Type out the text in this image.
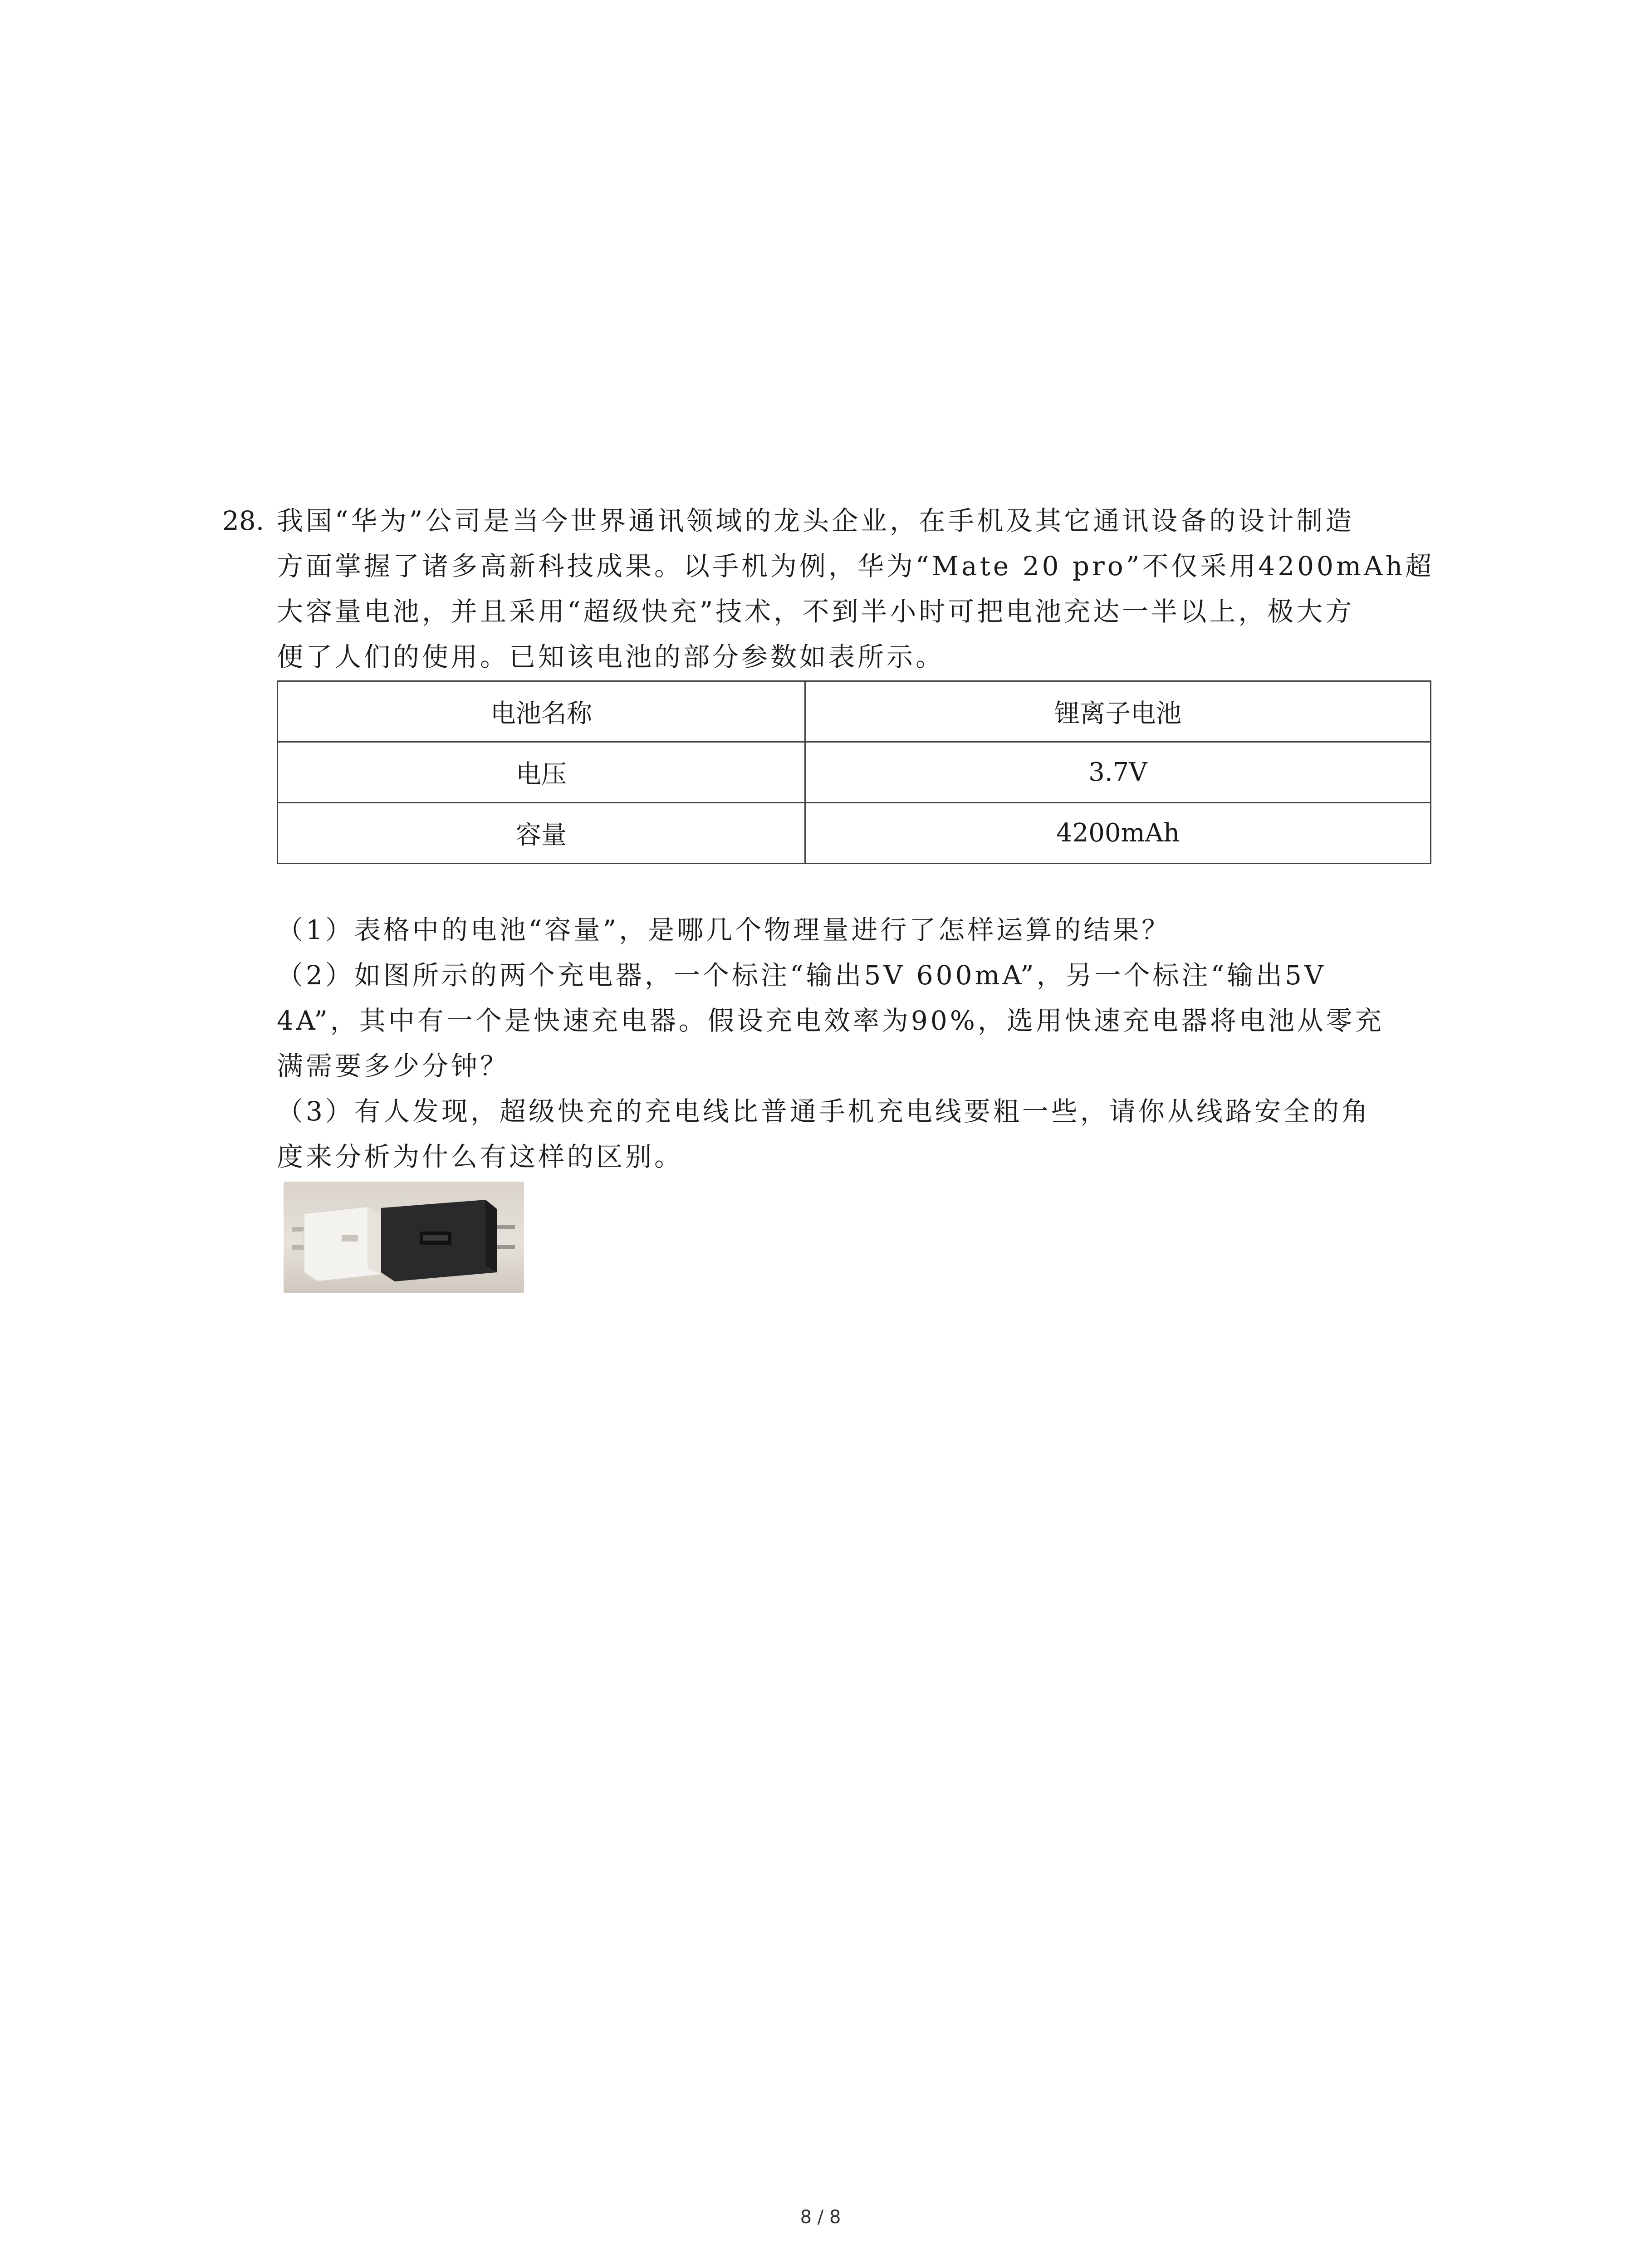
28. 我国“华为”公司是当今世界通讯领域的龙头企业，在手机及其它通讯设备的设计制造
方面掌握了诸多高新科技成果。以手机为例，华为“Mate 20 pro”不仅采用4200mAh超
大容量电池，并且采用“超级快充”技术，不到半小时可把电池充达一半以上，极大方
便了人们的使用。已知该电池的部分参数如表所示。
电池名称	锂离子电池
电压	3.7V
容量	4200mAh
（1）表格中的电池“容量”，是哪几个物理量进行了怎样运算的结果？
（2）如图所示的两个充电器，一个标注“输出5V 600mA”，另一个标注“输出5V
4A”，其中有一个是快速充电器。假设充电效率为90%，选用快速充电器将电池从零充
满需要多少分钟？
（3）有人发现，超级快充的充电线比普通手机充电线要粗一些，请你从线路安全的角
度来分析为什么有这样的区别。
8 / 8
